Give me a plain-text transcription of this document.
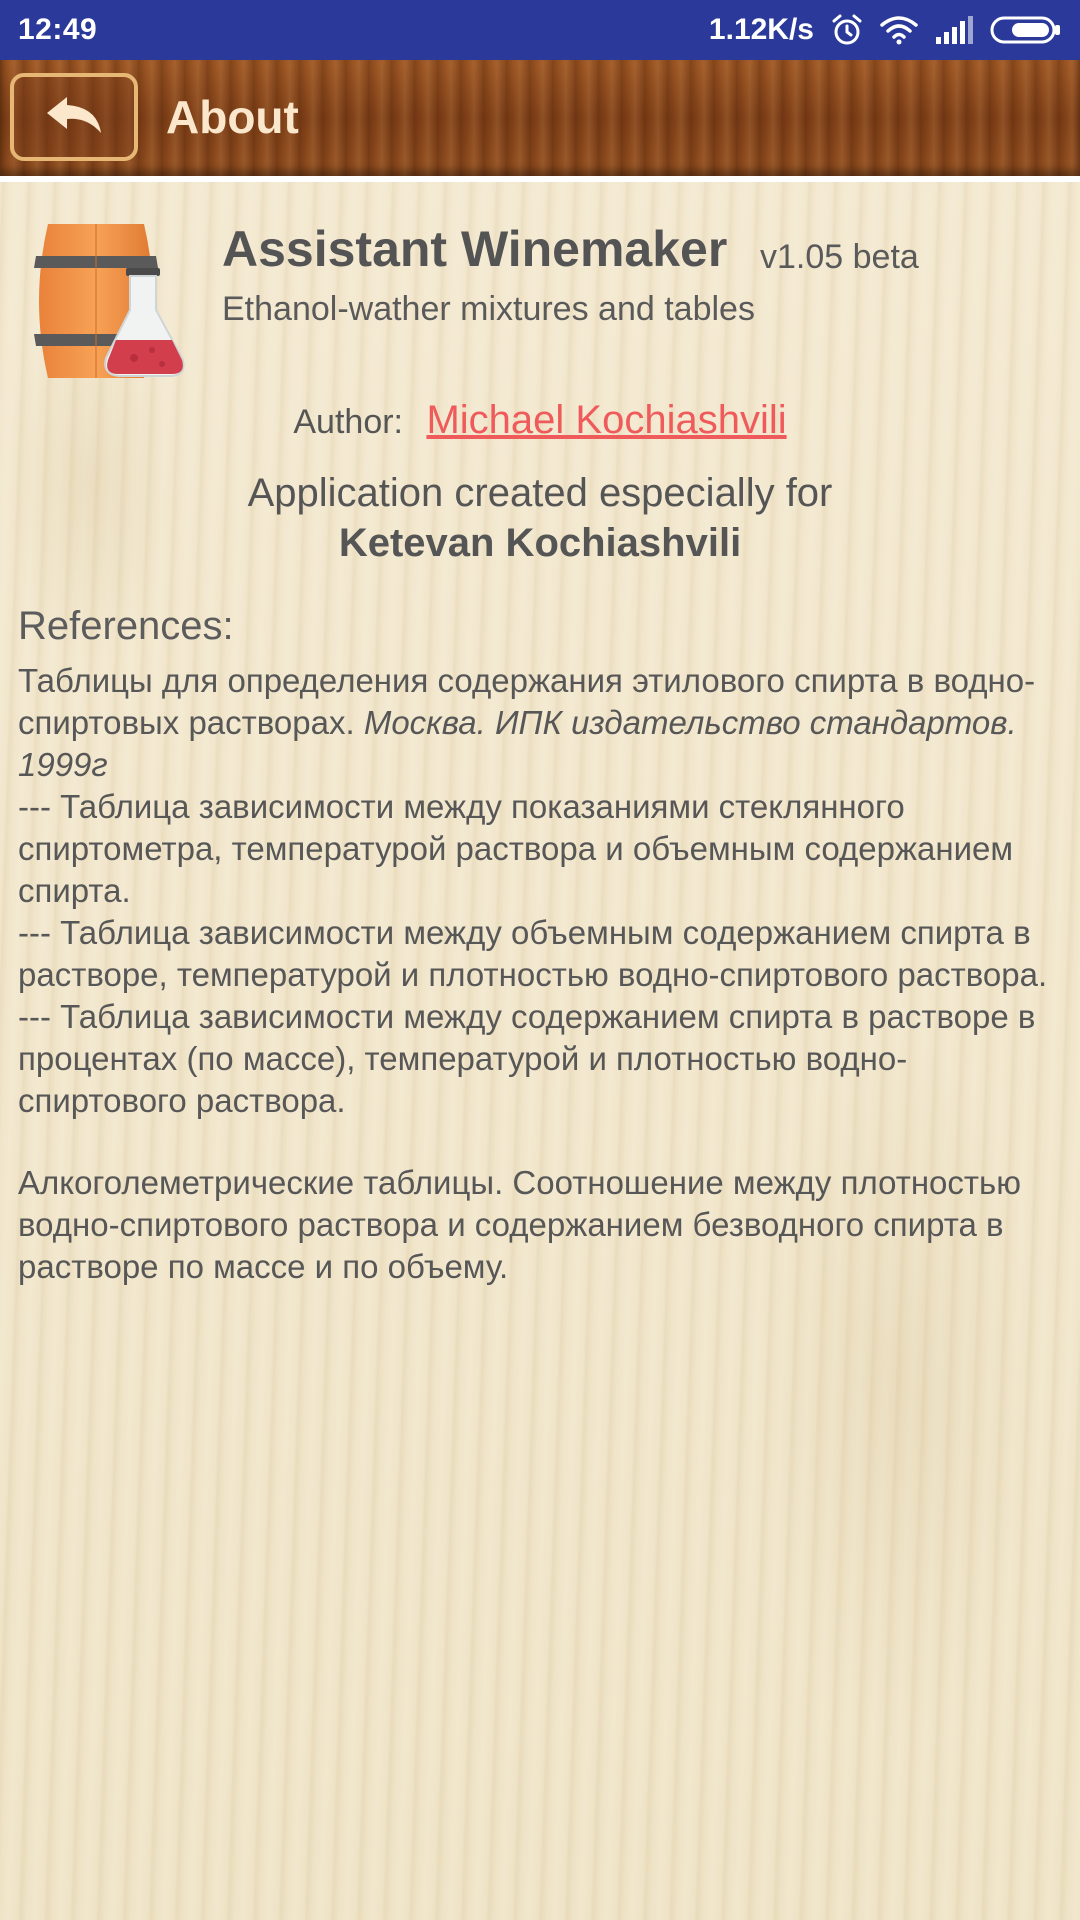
12:49	1.12K/s
About
Assistant Winemaker v1.05 beta
Ethanol-wather mixtures and tables
Author: Michael Kochiashvili
Application created especially for
Ketevan Kochiashvili
References:

Таблицы для определения содержания этилового спирта в водно-спиртовых растворах. Москва. ИПК издательство стандартов. 1999г

--- Таблица зависимости между показаниями стеклянного спиртометра, температурой раствора и объемным содержанием спирта.

--- Таблица зависимости между объемным содержанием спирта в растворе, температурой и плотностью водно-спиртового раствора.

--- Таблица зависимости между содержанием спирта в растворе в процентах (по массе), температурой и плотностью водно-спиртового раствора.

Алкоголеметрические таблицы. Соотношение между плотностью водно-спиртового раствора и содержанием безводного спирта в растворе по массе и по объему.
